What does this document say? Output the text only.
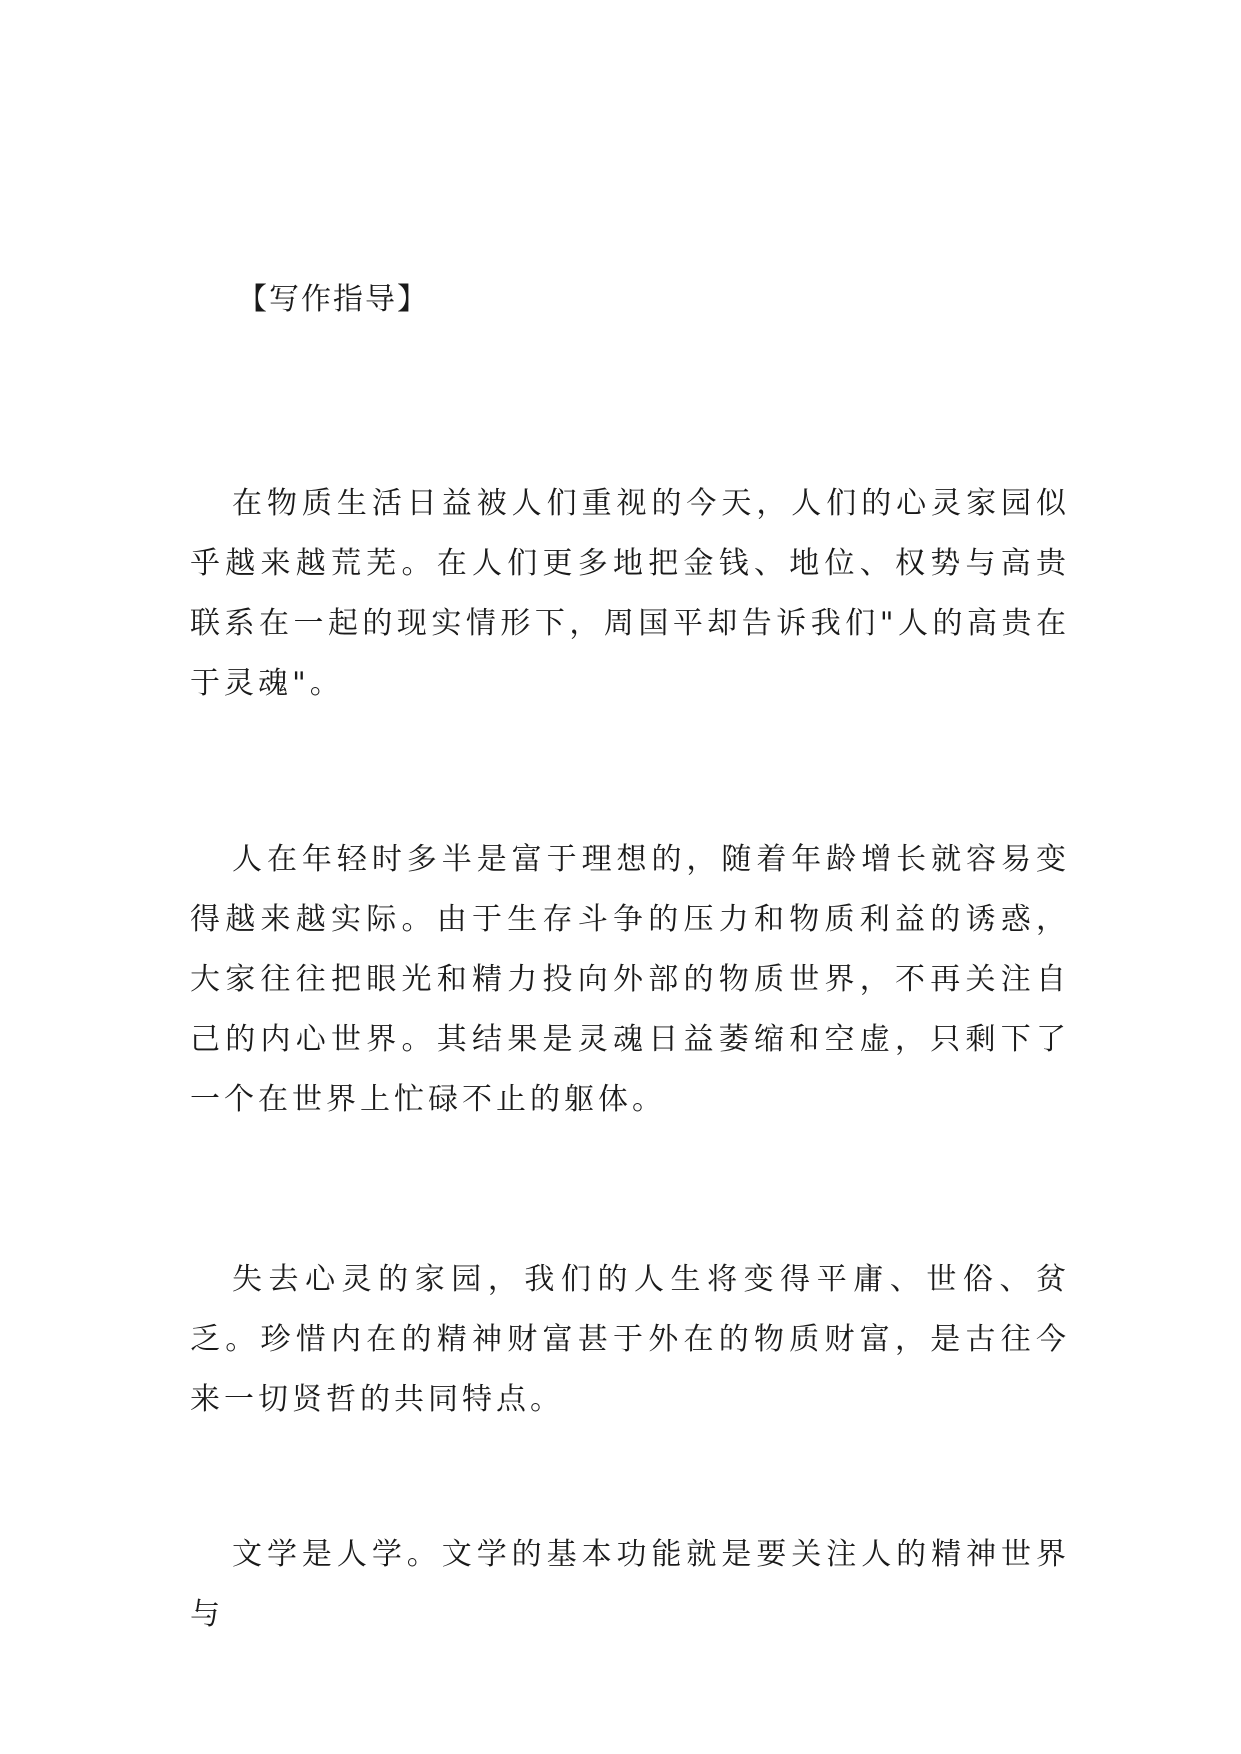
【写作指导】

在物质生活日益被人们重视的今天，人们的心灵家园似乎越来越荒芜。在人们更多地把金钱、地位、权势与高贵联系在一起的现实情形下，周国平却告诉我们"人的高贵在于灵魂"。

人在年轻时多半是富于理想的，随着年龄增长就容易变得越来越实际。由于生存斗争的压力和物质利益的诱惑，大家往往把眼光和精力投向外部的物质世界，不再关注自己的内心世界。其结果是灵魂日益萎缩和空虚，只剩下了一个在世界上忙碌不止的躯体。

失去心灵的家园，我们的人生将变得平庸、世俗、贫乏。珍惜内在的精神财富甚于外在的物质财富，是古往今来一切贤哲的共同特点。

文学是人学。文学的基本功能就是要关注人的精神世界与
